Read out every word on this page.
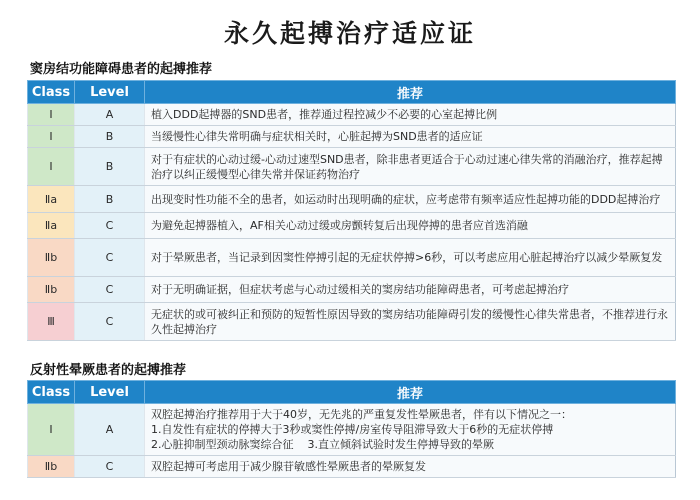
永久起搏治疗适应证
窦房结功能障碍患者的起搏推荐
Class	Level	推荐
Ⅰ	A	植入DDD起搏器的SND患者，推荐通过程控减少不必要的心室起搏比例
Ⅰ	B	当缓慢性心律失常明确与症状相关时，心脏起搏为SND患者的适应证
Ⅰ	B	对于有症状的心动过缓-心动过速型SND患者，除非患者更适合于心动过速心律失常的消融治疗，推荐起搏治疗以纠正缓慢型心律失常并保证药物治疗
Ⅱa	B	出现变时性功能不全的患者，如运动时出现明确的症状，应考虑带有频率适应性起搏功能的DDD起搏治疗
Ⅱa	C	为避免起搏器植入，AF相关心动过缓或房颤转复后出现停搏的患者应首选消融
Ⅱb	C	对于晕厥患者，当记录到因窦性停搏引起的无症状停搏>6秒，可以考虑应用心脏起搏治疗以减少晕厥复发
Ⅱb	C	对于无明确证据，但症状考虑与心动过缓相关的窦房结功能障碍患者，可考虑起搏治疗
Ⅲ	C	无症状的或可被纠正和预防的短暂性原因导致的窦房结功能障碍引发的缓慢性心律失常患者，不推荐进行永久性起搏治疗
反射性晕厥患者的起搏推荐
Class	Level	推荐
Ⅰ	A	双腔起搏治疗推荐用于大于40岁，无先兆的严重复发性晕厥患者，伴有以下情况之一：
1.自发性有症状的停搏大于3秒或窦性停搏/房室传导阻滞导致大于6秒的无症状停搏
2.心脏抑制型颈动脉窦综合征    3.直立倾斜试验时发生停搏导致的晕厥

Ⅱb	C	双腔起搏可考虑用于减少腺苷敏感性晕厥患者的晕厥复发
